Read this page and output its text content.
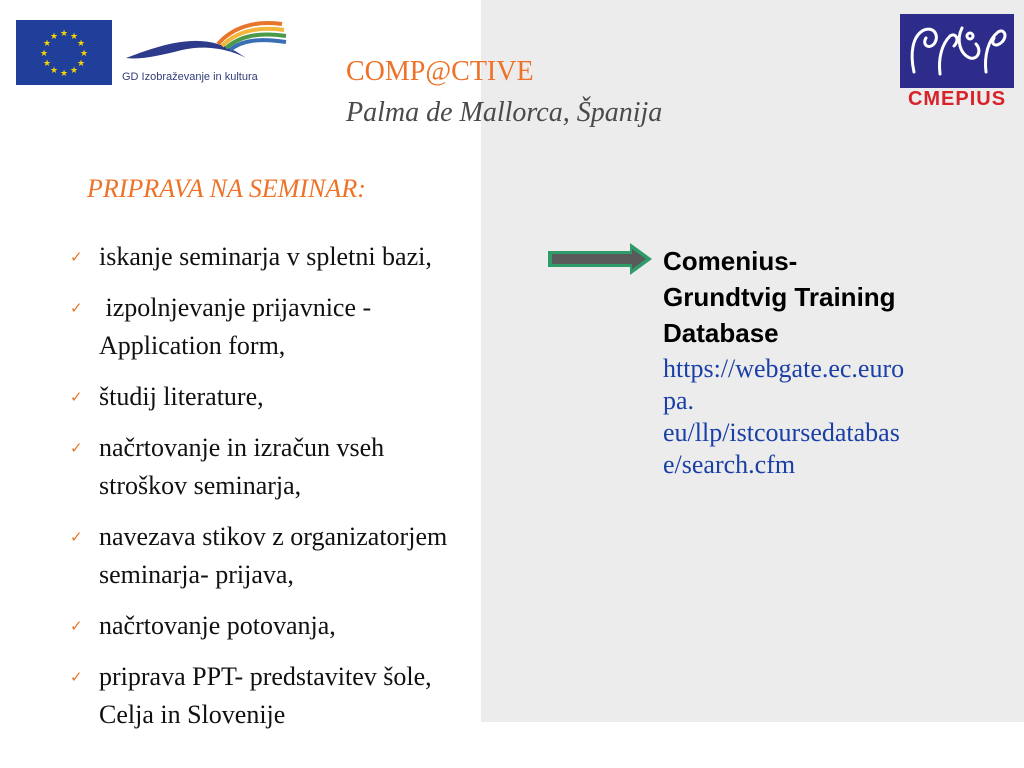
★ ★
★
★
★
★
★
★
★
★
★
★
GD Izobraževanje in kultura	COMP@CTIVE
Palma de Mallorca, Španija	CMEPIUS
PRIPRAVA NA SEMINAR:
✓ iskanje seminarja v spletni bazi,
✓ izpolnjevanje prijavnice -
Application form,
✓ študij literature,
✓ načrtovanje in izračun vseh
stroškov seminarja,
✓ navezava stikov z organizatorjem
seminarja- prijava,
✓ načrtovanje potovanja,
✓ priprava PPT- predstavitev šole,
Celja in Slovenije
Comenius-
Grundtvig Training
Database
https://webgate.ec.euro
pa.
eu/llp/istcoursedatabas
e/search.cfm
